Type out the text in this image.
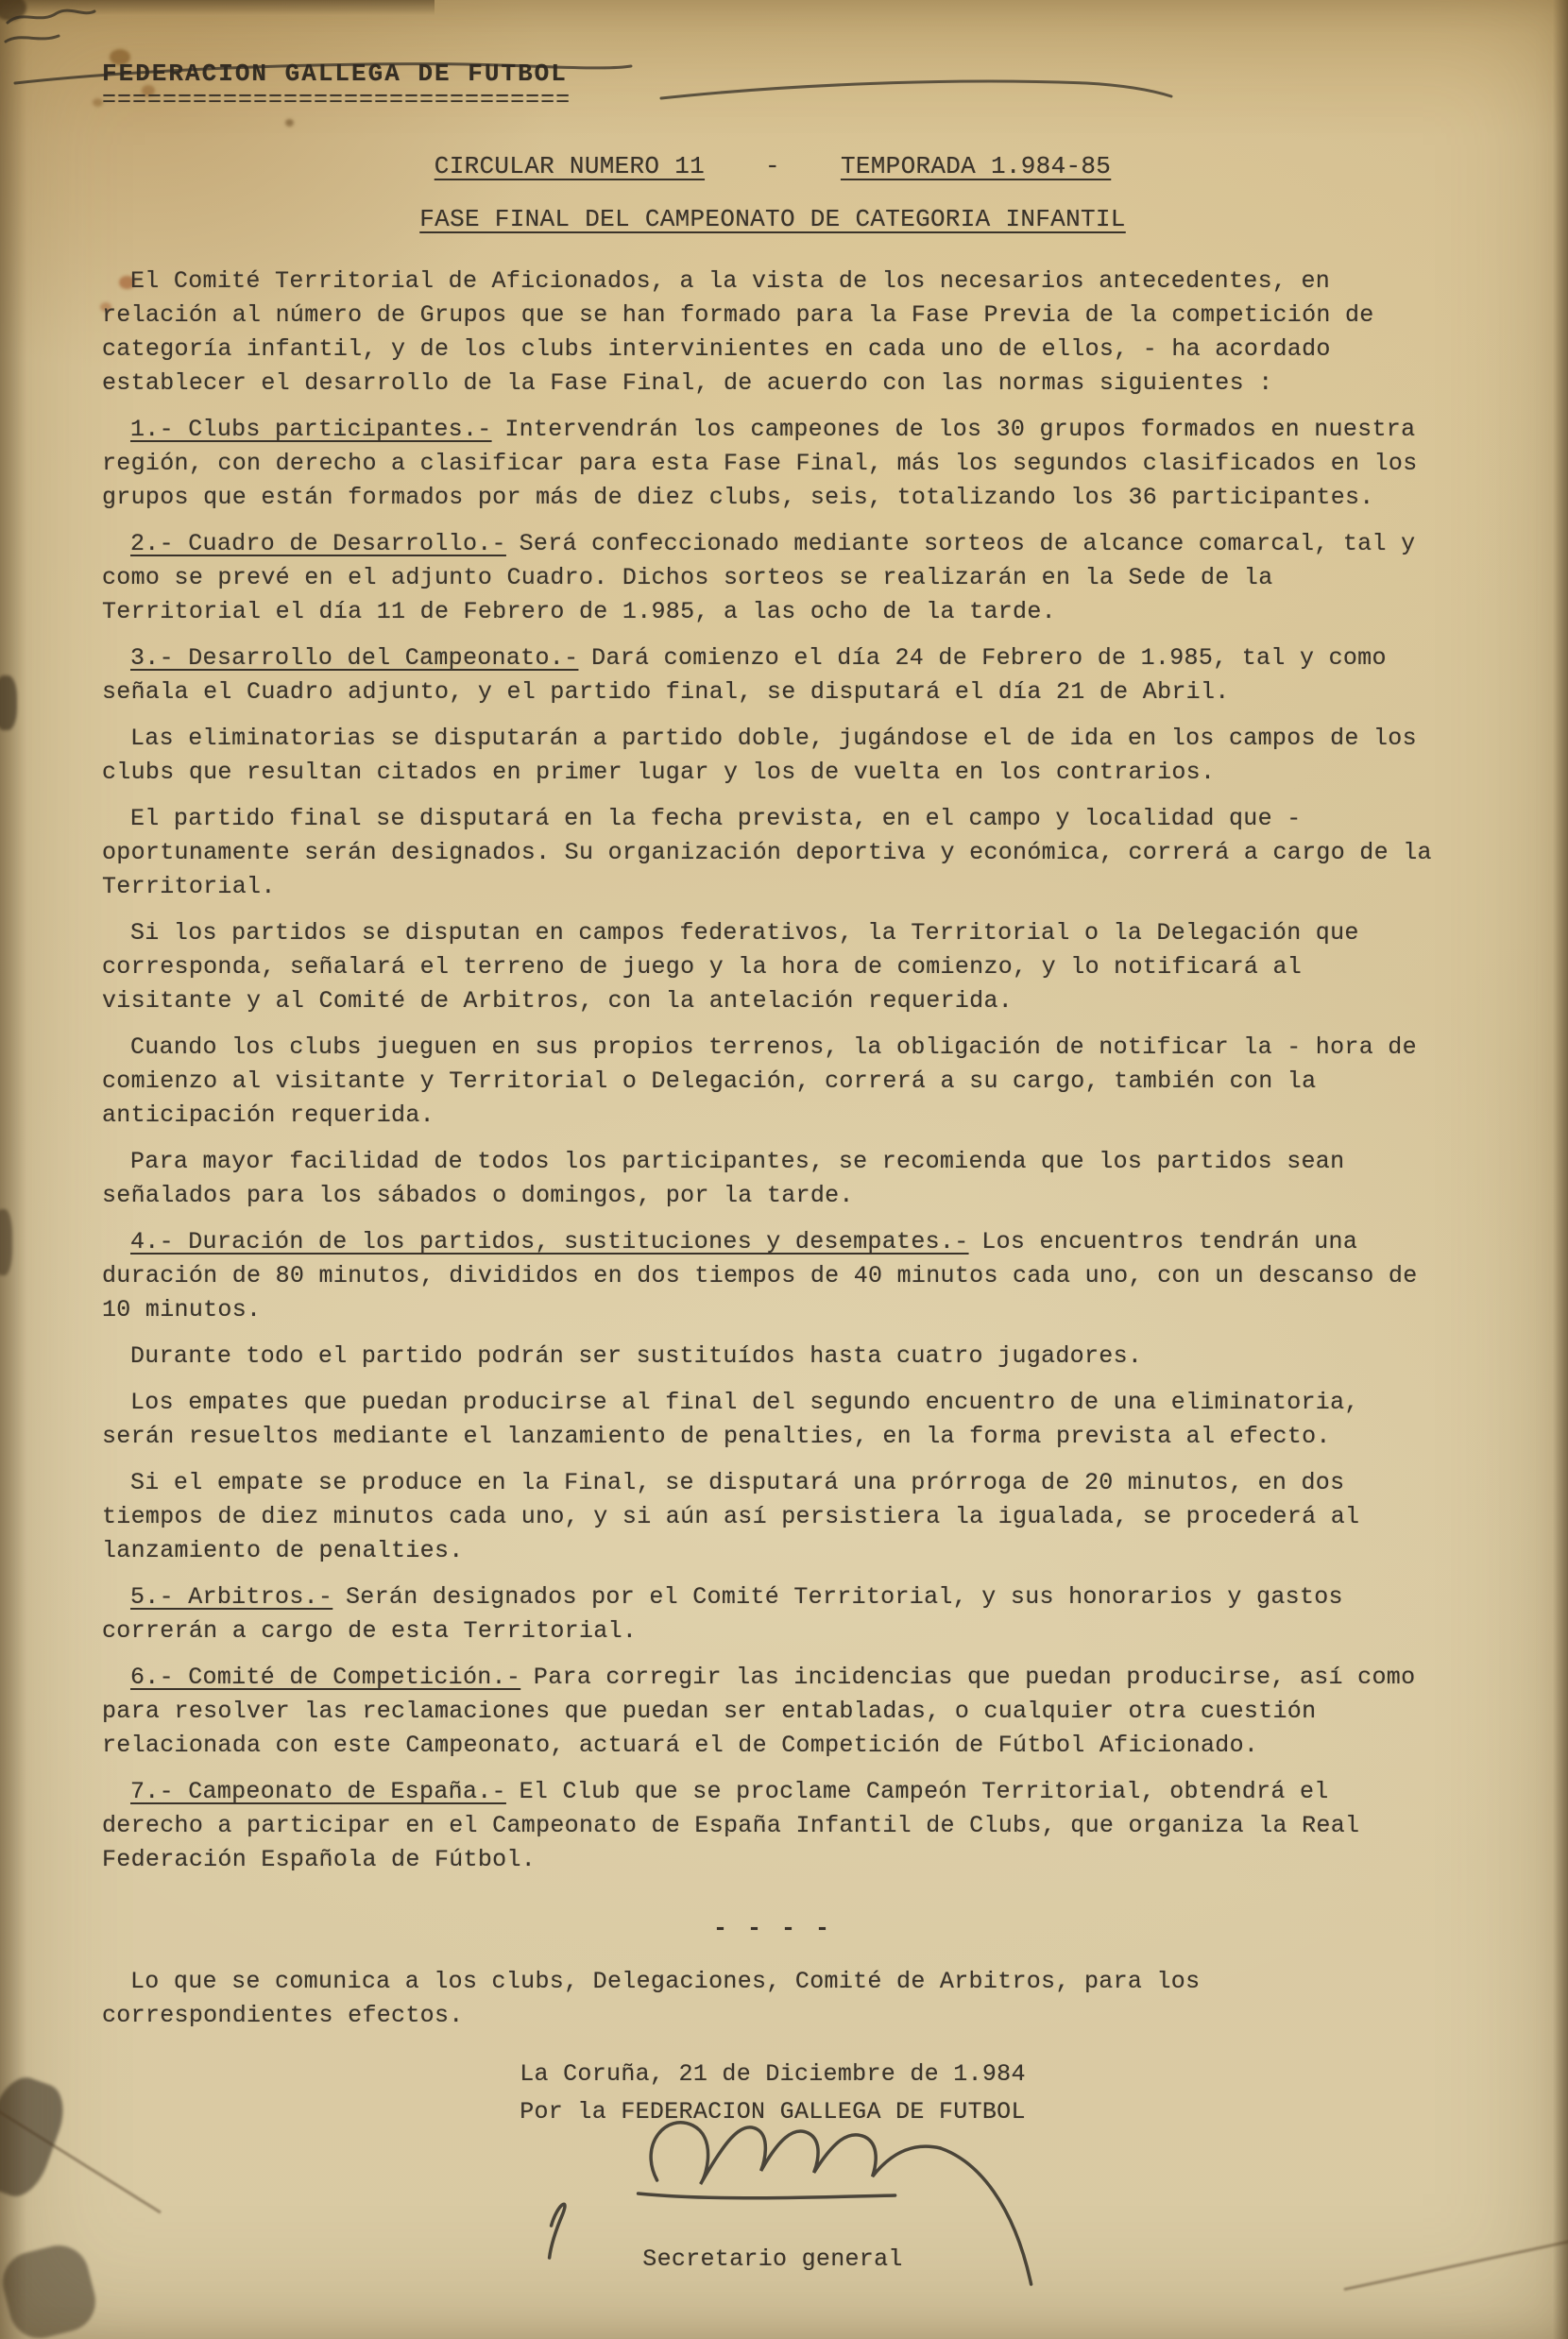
FEDERACION GALLEGA DE FUTBOL
===============================
CIRCULAR NUMERO 11 - TEMPORADA 1.984-85
FASE FINAL DEL CAMPEONATO DE CATEGORIA INFANTIL

El Comité Territorial de Aficionados, a la vista de los necesarios antecedentes, en relación al número de Grupos que se han formado para la Fase Previa de la competición de categoría infantil, y de los clubs intervinientes en cada uno de ellos, - ha acordado establecer el desarrollo de la Fase Final, de acuerdo con las normas siguientes :

1.- Clubs participantes.- Intervendrán los campeones de los 30 grupos formados en nuestra región, con derecho a clasificar para esta Fase Final, más los segundos clasificados en los grupos que están formados por más de diez clubs, seis, totalizando los 36 participantes.

2.- Cuadro de Desarrollo.- Será confeccionado mediante sorteos de alcance comarcal, tal y como se prevé en el adjunto Cuadro. Dichos sorteos se realizarán en la Sede de la Territorial el día 11 de Febrero de 1.985, a las ocho de la tarde.

3.- Desarrollo del Campeonato.- Dará comienzo el día 24 de Febrero de 1.985, tal y como señala el Cuadro adjunto, y el partido final, se disputará el día 21 de Abril.

Las eliminatorias se disputarán a partido doble, jugándose el de ida en los campos de los clubs que resultan citados en primer lugar y los de vuelta en los contrarios.

El partido final se disputará en la fecha prevista, en el campo y localidad que - oportunamente serán designados. Su organización deportiva y económica, correrá a cargo de la Territorial.

Si los partidos se disputan en campos federativos, la Territorial o la Delegación que corresponda, señalará el terreno de juego y la hora de comienzo, y lo notificará al visitante y al Comité de Arbitros, con la antelación requerida.

Cuando los clubs jueguen en sus propios terrenos, la obligación de notificar la - hora de comienzo al visitante y Territorial o Delegación, correrá a su cargo, también con la anticipación requerida.

Para mayor facilidad de todos los participantes, se recomienda que los partidos sean señalados para los sábados o domingos, por la tarde.

4.- Duración de los partidos, sustituciones y desempates.- Los encuentros tendrán una duración de 80 minutos, divididos en dos tiempos de 40 minutos cada uno, con un descanso de 10 minutos.

Durante todo el partido podrán ser sustituídos hasta cuatro jugadores.

Los empates que puedan producirse al final del segundo encuentro de una eliminatoria, serán resueltos mediante el lanzamiento de penalties, en la forma prevista al efecto.

Si el empate se produce en la Final, se disputará una prórroga de 20 minutos, en dos tiempos de diez minutos cada uno, y si aún así persistiera la igualada, se procederá al lanzamiento de penalties.

5.- Arbitros.- Serán designados por el Comité Territorial, y sus honorarios y gastos correrán a cargo de esta Territorial.

6.- Comité de Competición.- Para corregir las incidencias que puedan producirse, así como para resolver las reclamaciones que puedan ser entabladas, o cualquier otra cuestión relacionada con este Campeonato, actuará el de Competición de Fútbol Aficionado.

7.- Campeonato de España.- El Club que se proclame Campeón Territorial, obtendrá el derecho a participar en el Campeonato de España Infantil de Clubs, que organiza la Real Federación Española de Fútbol.

- - - -

Lo que se comunica a los clubs, Delegaciones, Comité de Arbitros, para los correspondientes efectos.

La Coruña, 21 de Diciembre de 1.984
Por la FEDERACION GALLEGA DE FUTBOL
Secretario general
